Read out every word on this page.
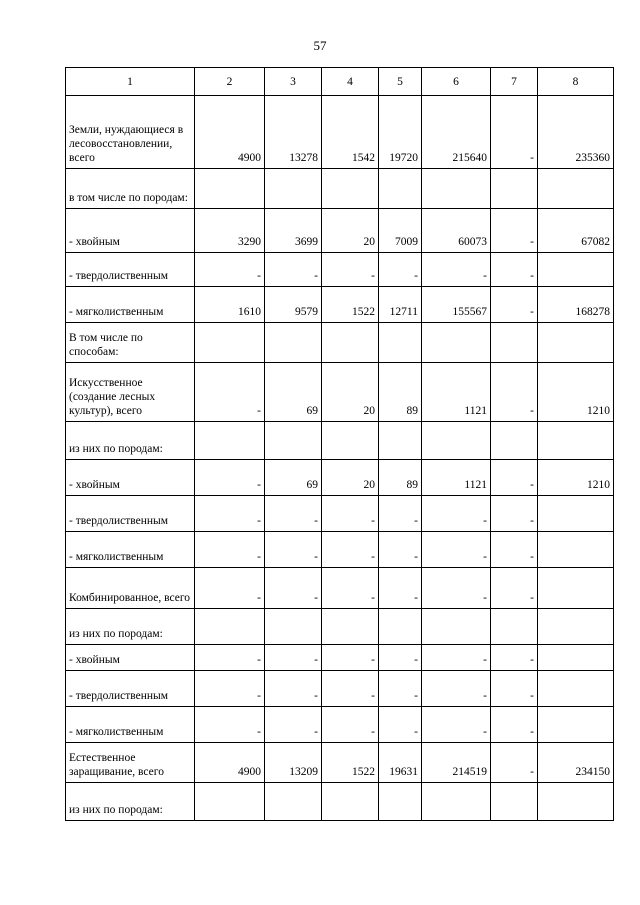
57
1	2	3	4	5	6	7	8
Земли, нуждающиеся в лесовосстановлении, всего	4900	13278	1542	19720	215640	-	235360
в том числе по породам:							
- хвойным	3290	3699	20	7009	60073	-	67082
- твердолиственным	-	-	-	-	-	-	
- мягколиственным	1610	9579	1522	12711	155567	-	168278
В том числе по способам:							
Искусственное (создание лесных культур), всего	-	69	20	89	1121	-	1210
из них по породам:							
- хвойным	-	69	20	89	1121	-	1210
- твердолиственным	-	-	-	-	-	-	
- мягколиственным	-	-	-	-	-	-	
Комбинированное, всего	-	-	-	-	-	-	
из них по породам:							
- хвойным	-	-	-	-	-	-	
- твердолиственным	-	-	-	-	-	-	
- мягколиственным	-	-	-	-	-	-	
Естественное заращивание, всего	4900	13209	1522	19631	214519	-	234150
из них по породам:							
